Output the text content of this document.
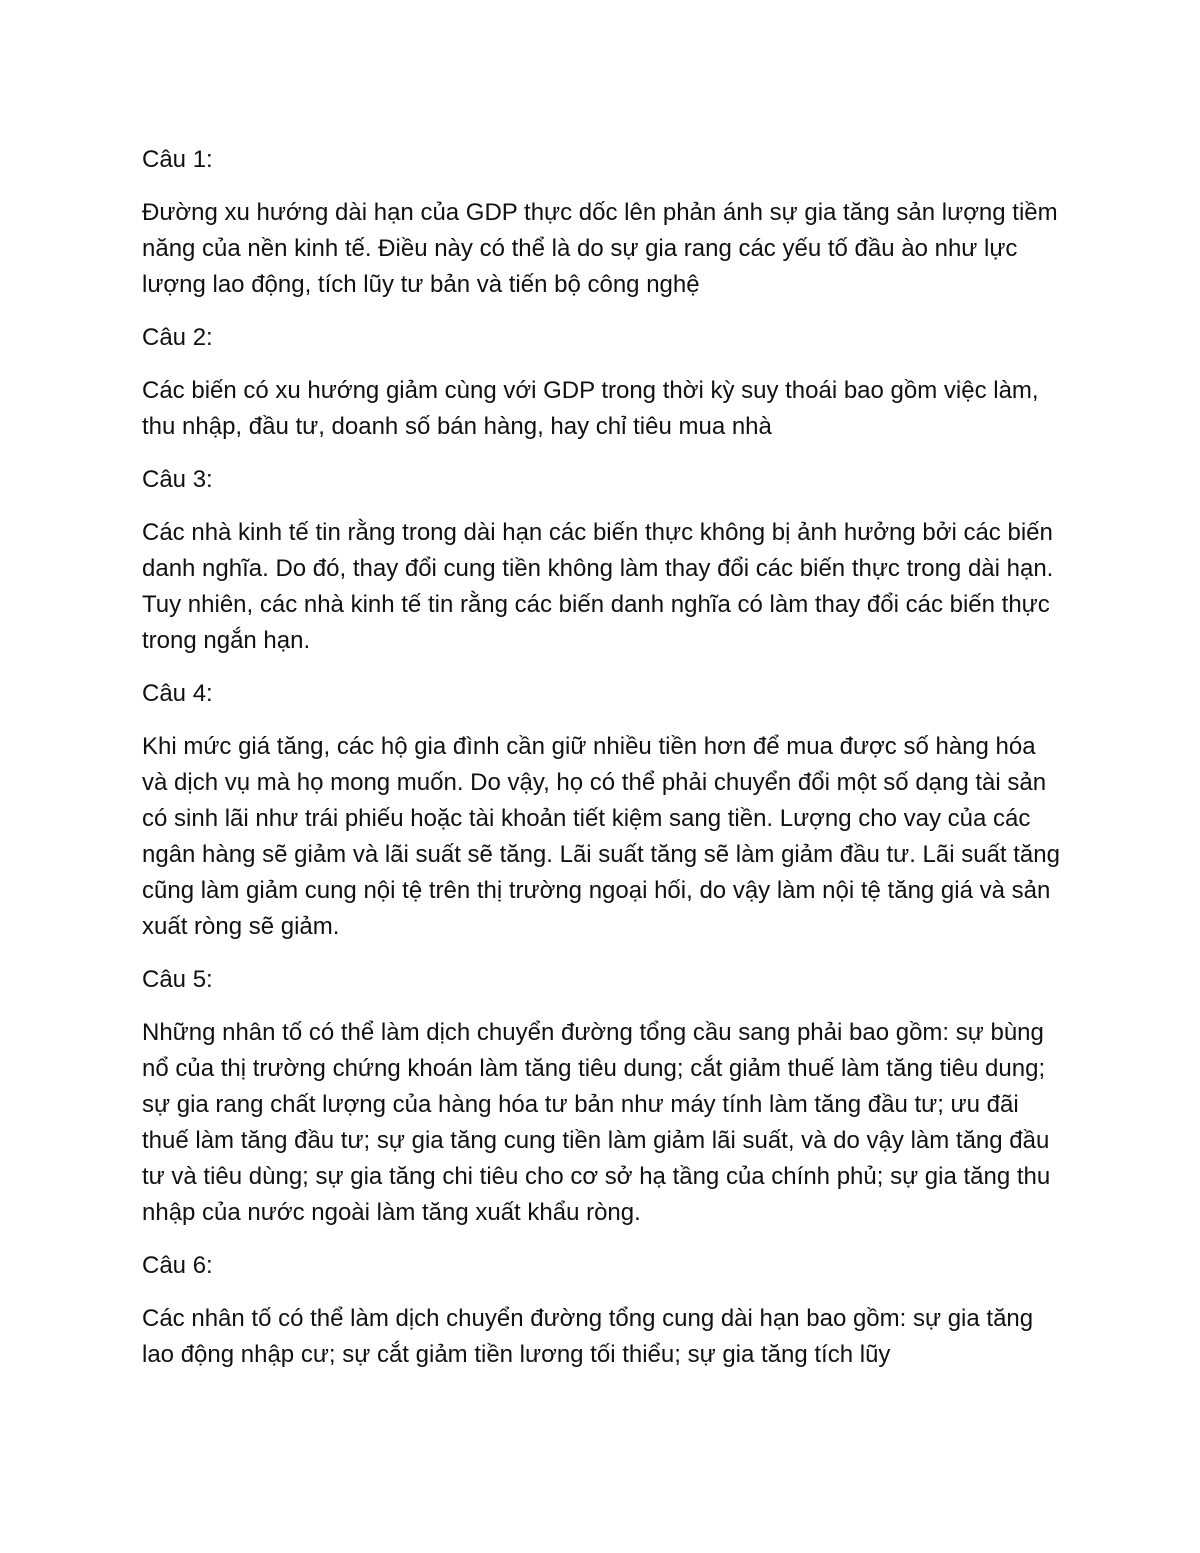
Câu 1:
Đường xu hướng dài hạn của GDP thực dốc lên phản ánh sự gia tăng sản lượng tiềm năng của nền kinh tế. Điều này có thể là do sự gia rang các yếu tố đầu ào như lực lượng lao động, tích lũy tư bản và tiến bộ công nghệ
Câu 2:
Các biến có xu hướng giảm cùng với GDP trong thời kỳ suy thoái bao gồm việc làm, thu nhập, đầu tư, doanh số bán hàng, hay chỉ tiêu mua nhà
Câu 3:
Các nhà kinh tế tin rằng trong dài hạn các biến thực không bị ảnh hưởng bởi các biến danh nghĩa. Do đó, thay đổi cung tiền không làm thay đổi các biến thực trong dài hạn. Tuy nhiên, các nhà kinh tế tin rằng các biến danh nghĩa có làm thay đổi các biến thực trong ngắn hạn.
Câu 4:
Khi mức giá tăng, các hộ gia đình cần giữ nhiều tiền hơn để mua được số hàng hóa và dịch vụ mà họ mong muốn. Do vậy, họ có thể phải chuyển đổi một số dạng tài sản có sinh lãi như trái phiếu hoặc tài khoản tiết kiệm sang tiền. Lượng cho vay của các ngân hàng sẽ giảm và lãi suất sẽ tăng. Lãi suất tăng sẽ làm giảm đầu tư. Lãi suất tăng cũng làm giảm cung nội tệ trên thị trường ngoại hối, do vậy làm nội tệ tăng giá và sản xuất ròng sẽ giảm.
Câu 5:
Những nhân tố có thể làm dịch chuyển đường tổng cầu sang phải bao gồm: sự bùng nổ của thị trường chứng khoán làm tăng tiêu dung; cắt giảm thuế làm tăng tiêu dung; sự gia rang chất lượng của hàng hóa tư bản như máy tính làm tăng đầu tư; ưu đãi thuế làm tăng đầu tư; sự gia tăng cung tiền làm giảm lãi suất, và do vậy làm tăng đầu tư và tiêu dùng; sự gia tăng chi tiêu cho cơ sở hạ tầng của chính phủ; sự gia tăng thu nhập của nước ngoài làm tăng xuất khẩu ròng.
Câu 6:
Các nhân tố có thể làm dịch chuyển đường tổng cung dài hạn bao gồm: sự gia tăng lao động nhập cư; sự cắt giảm tiền lương tối thiểu; sự gia tăng tích lũy
